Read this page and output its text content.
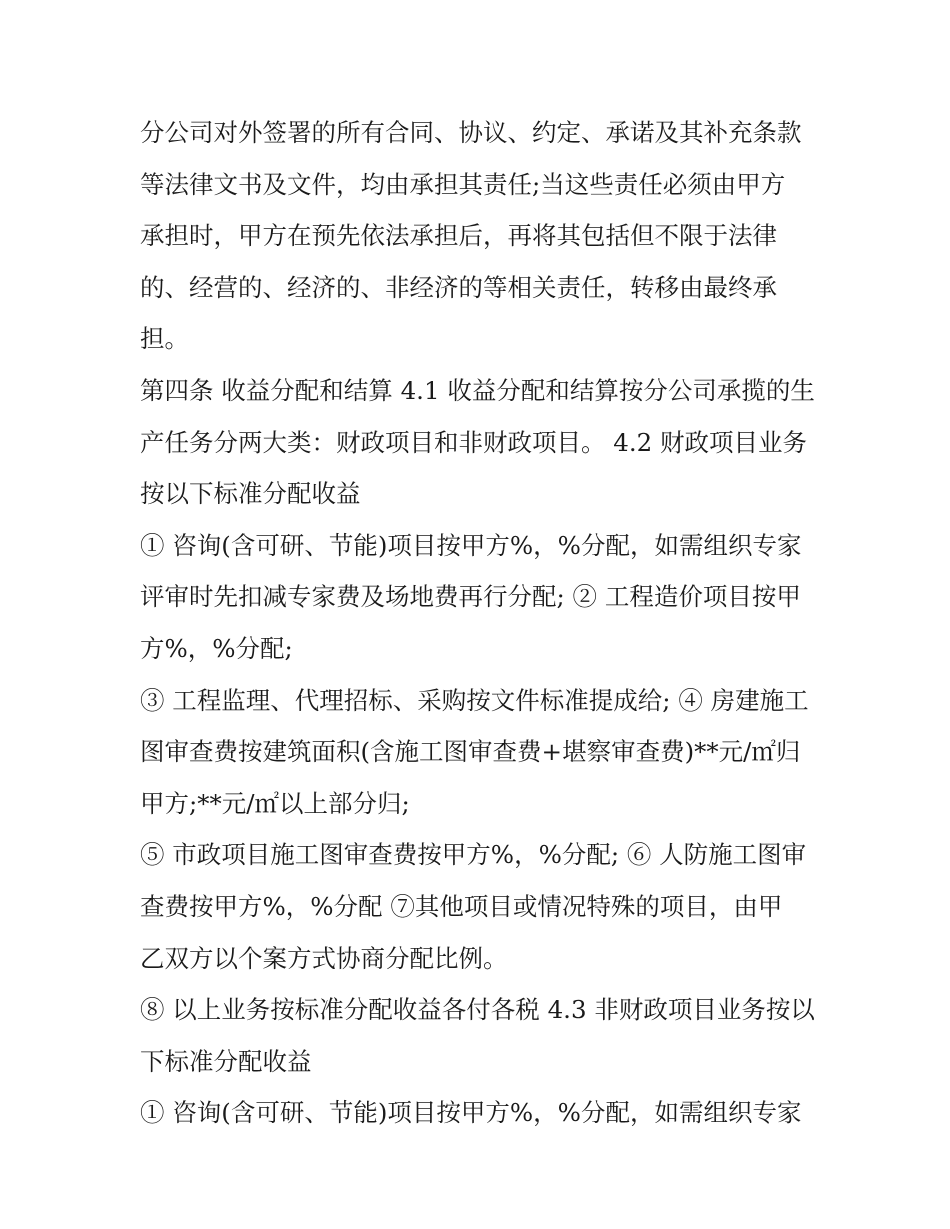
分公司对外签署的所有合同、协议、约定、承诺及其补充条款
等法律文书及文件，均由承担其责任;当这些责任必须由甲方
承担时，甲方在预先依法承担后，再将其包括但不限于法律
的、经营的、经济的、非经济的等相关责任，转移由最终承
担。
第四条 收益分配和结算 4.1 收益分配和结算按分公司承揽的生
产任务分两大类：财政项目和非财政项目。 4.2 财政项目业务
按以下标准分配收益
① 咨询(含可研、节能)项目按甲方%，%分配，如需组织专家
评审时先扣减专家费及场地费再行分配; ② 工程造价项目按甲
方%，%分配;
③ 工程监理、代理招标、采购按文件标准提成给; ④ 房建施工
图审查费按建筑面积(含施工图审查费+堪察审查费)**元/㎡归
甲方;**元/㎡以上部分归;
⑤ 市政项目施工图审查费按甲方%，%分配; ⑥ 人防施工图审
查费按甲方%，%分配 ⑦其他项目或情况特殊的项目，由甲
乙双方以个案方式协商分配比例。
⑧ 以上业务按标准分配收益各付各税 4.3 非财政项目业务按以
下标准分配收益
① 咨询(含可研、节能)项目按甲方%，%分配，如需组织专家
